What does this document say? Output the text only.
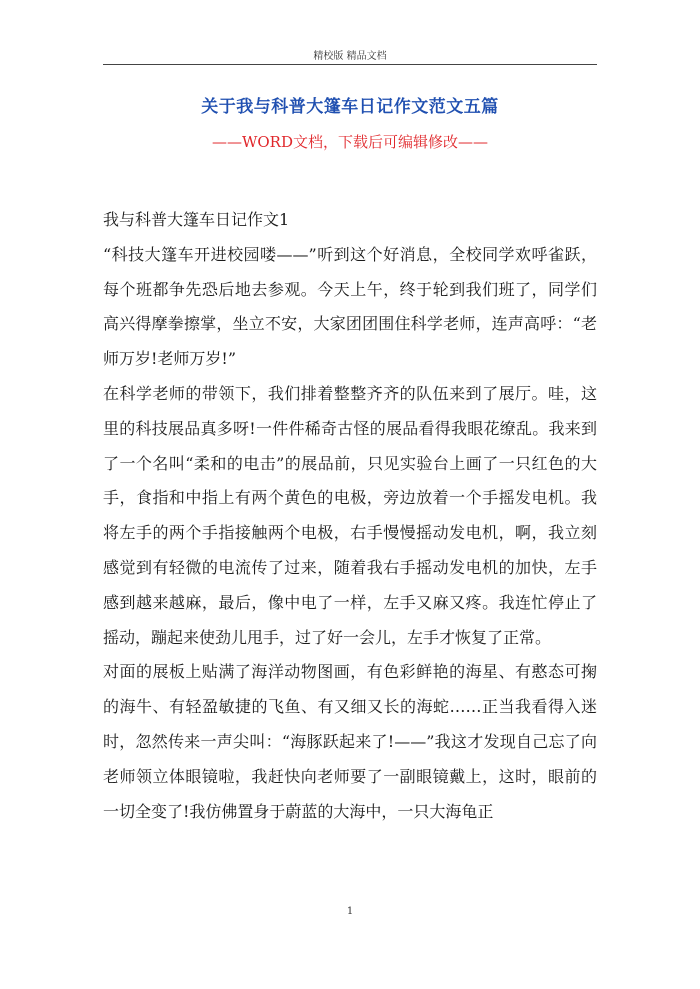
精校版 精品文档
关于我与科普大篷车日记作文范文五篇
——WORD文档，下载后可编辑修改——

我与科普大篷车日记作文1

“科技大篷车开进校园喽——”听到这个好消息，全校同学欢呼雀跃，每个班都争先恐后地去参观。今天上午，终于轮到我们班了，同学们高兴得摩拳擦掌，坐立不安，大家团团围住科学老师，连声高呼：“老师万岁!老师万岁!”

在科学老师的带领下，我们排着整整齐齐的队伍来到了展厅。哇，这里的科技展品真多呀!一件件稀奇古怪的展品看得我眼花缭乱。我来到了一个名叫“柔和的电击”的展品前，只见实验台上画了一只红色的大手，食指和中指上有两个黄色的电极，旁边放着一个手摇发电机。我将左手的两个手指接触两个电极，右手慢慢摇动发电机，啊，我立刻感觉到有轻微的电流传了过来，随着我右手摇动发电机的加快，左手感到越来越麻，最后，像中电了一样，左手又麻又疼。我连忙停止了摇动，蹦起来使劲儿甩手，过了好一会儿，左手才恢复了正常。

对面的展板上贴满了海洋动物图画，有色彩鲜艳的海星、有憨态可掬的海牛、有轻盈敏捷的飞鱼、有又细又长的海蛇……正当我看得入迷时，忽然传来一声尖叫：“海豚跃起来了!——”我这才发现自己忘了向老师领立体眼镜啦，我赶快向老师要了一副眼镜戴上，这时，眼前的一切全变了!我仿佛置身于蔚蓝的大海中，一只大海龟正

1
